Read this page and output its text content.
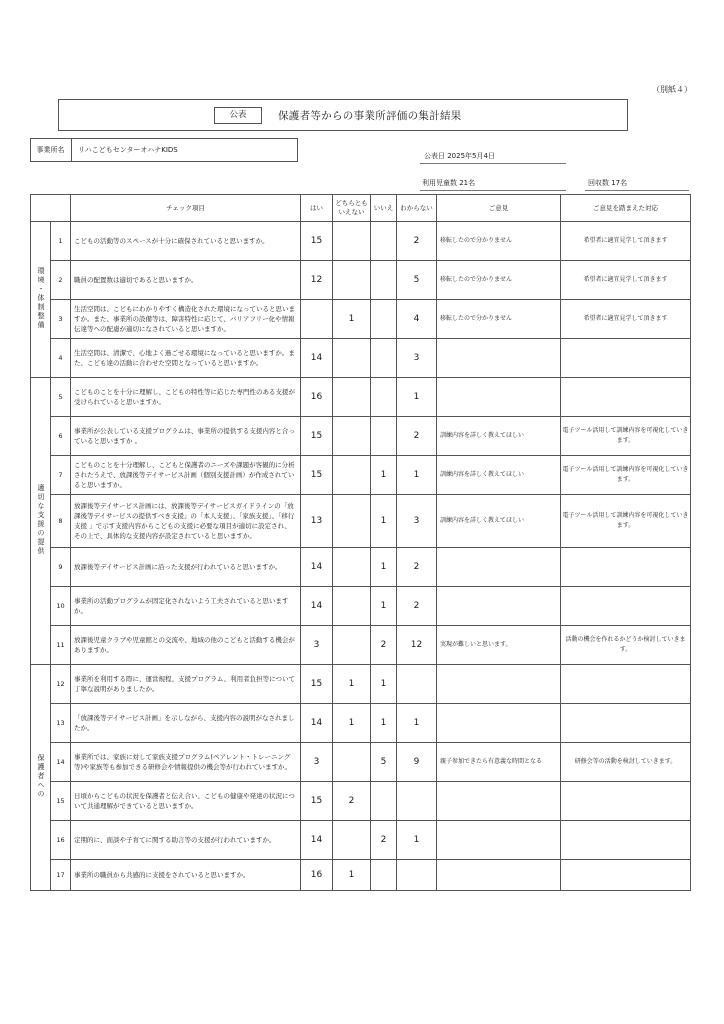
（別紙４）
公表	保護者等からの事業所評価の集計結果
事業所名	リハこどもセンターオハナKIDS
公表日 2025年5月4日
利用児童数 21名	回収数 17名
		チェック項目	はい	どちらともいえない	いいえ	わからない	ご意見	ご意見を踏まえた対応
環境・体制整備	1	こどもの活動等のスペースが十分に確保されていると思いますか。	15			2	移転したので分かりません	希望者に適宜見学して頂きます
	2	職員の配置数は適切であると思いますか。	12			5	移転したので分かりません	希望者に適宜見学して頂きます
	3	生活空間は、こどもにわかりやすく構造化された環境になっていると思いますか。また、事業所の設備等は、障害特性に応じて、バリアフリー化や情報伝達等への配慮が適切になされていると思いますか。		1		4	移転したので分かりません	希望者に適宜見学して頂きます
	4	生活空間は、清潔で、心地よく過ごせる環境になっていると思いますか。また、こども達の活動に合わせた空間となっていると思いますか。	14			3		
適切な支援の提供	5	こどものことを十分に理解し、こどもの特性等に応じた専門性のある支援が受けられていると思いますか。	16			1		
	6	事業所が公表している支援プログラムは、事業所の提供する支援内容と合っていると思いますか 。	15			2	訓練内容を詳しく教えてほしい	電子ツール活用して訓練内容を可視化していきます。
	7	こどものことを十分理解し、こどもと保護者のニーズや課題が客観的に分析されたうえで、放課後等デイサービス計画（個別支援計画）が作成されていると思いますか。	15		1	1	訓練内容を詳しく教えてほしい	電子ツール活用して訓練内容を可視化していきます。
	8	放課後等デイサービス計画には、放課後等デイサービスガイドラインの「放課後等デイサービスの提供すべき支援」の「本人支援」、「家族支援」、「移行支援 」で示す支援内容からこどもの支援に必要な項目が適切に設定され、その上で、具体的な支援内容が設定されていると思いますか。	13		1	3	訓練内容を詳しく教えてほしい	電子ツール活用して訓練内容を可視化していきます。
	9	放課後等デイサービス計画に沿った支援が行われていると思いますか。	14		1	2		
	10	事業所の活動プログラムが固定化されないよう工夫されていると思いますか。	14		1	2		
	11	放課後児童クラブや児童館との交流や、地域の他のこどもと活動する機会がありますか。	3		2	12	実現が難しいと思います。	活動の機会を作れるかどうか検討していきます。
保護者への	12	事業所を利用する際に、運営規程、支援プログラム、利用者負担等について丁寧な説明がありましたか。	15	1	1			
	13	「放課後等デイサービス計画」を示しながら、支援内容の説明がなされましたか。	14	1	1	1		
	14	事業所では、家族に対して家族支援プログラム(ペアレント・トレーニング等)や家族等も参加できる研修会や情報提供の機会等が行われていますか。	3		5	9	親子参加できたら有意義な時間となる	研修会等の活動を検討していきます。
	15	日頃からこどもの状況を保護者と伝え合い、こどもの健康や発達の状況について共通理解ができていると思いますか。	15	2				
	16	定期的に、面談や子育てに関する助言等の支援が行われていますか。	14		2	1		
	17	事業所の職員から共感的に支援をされていると思いますか。	16	1				
